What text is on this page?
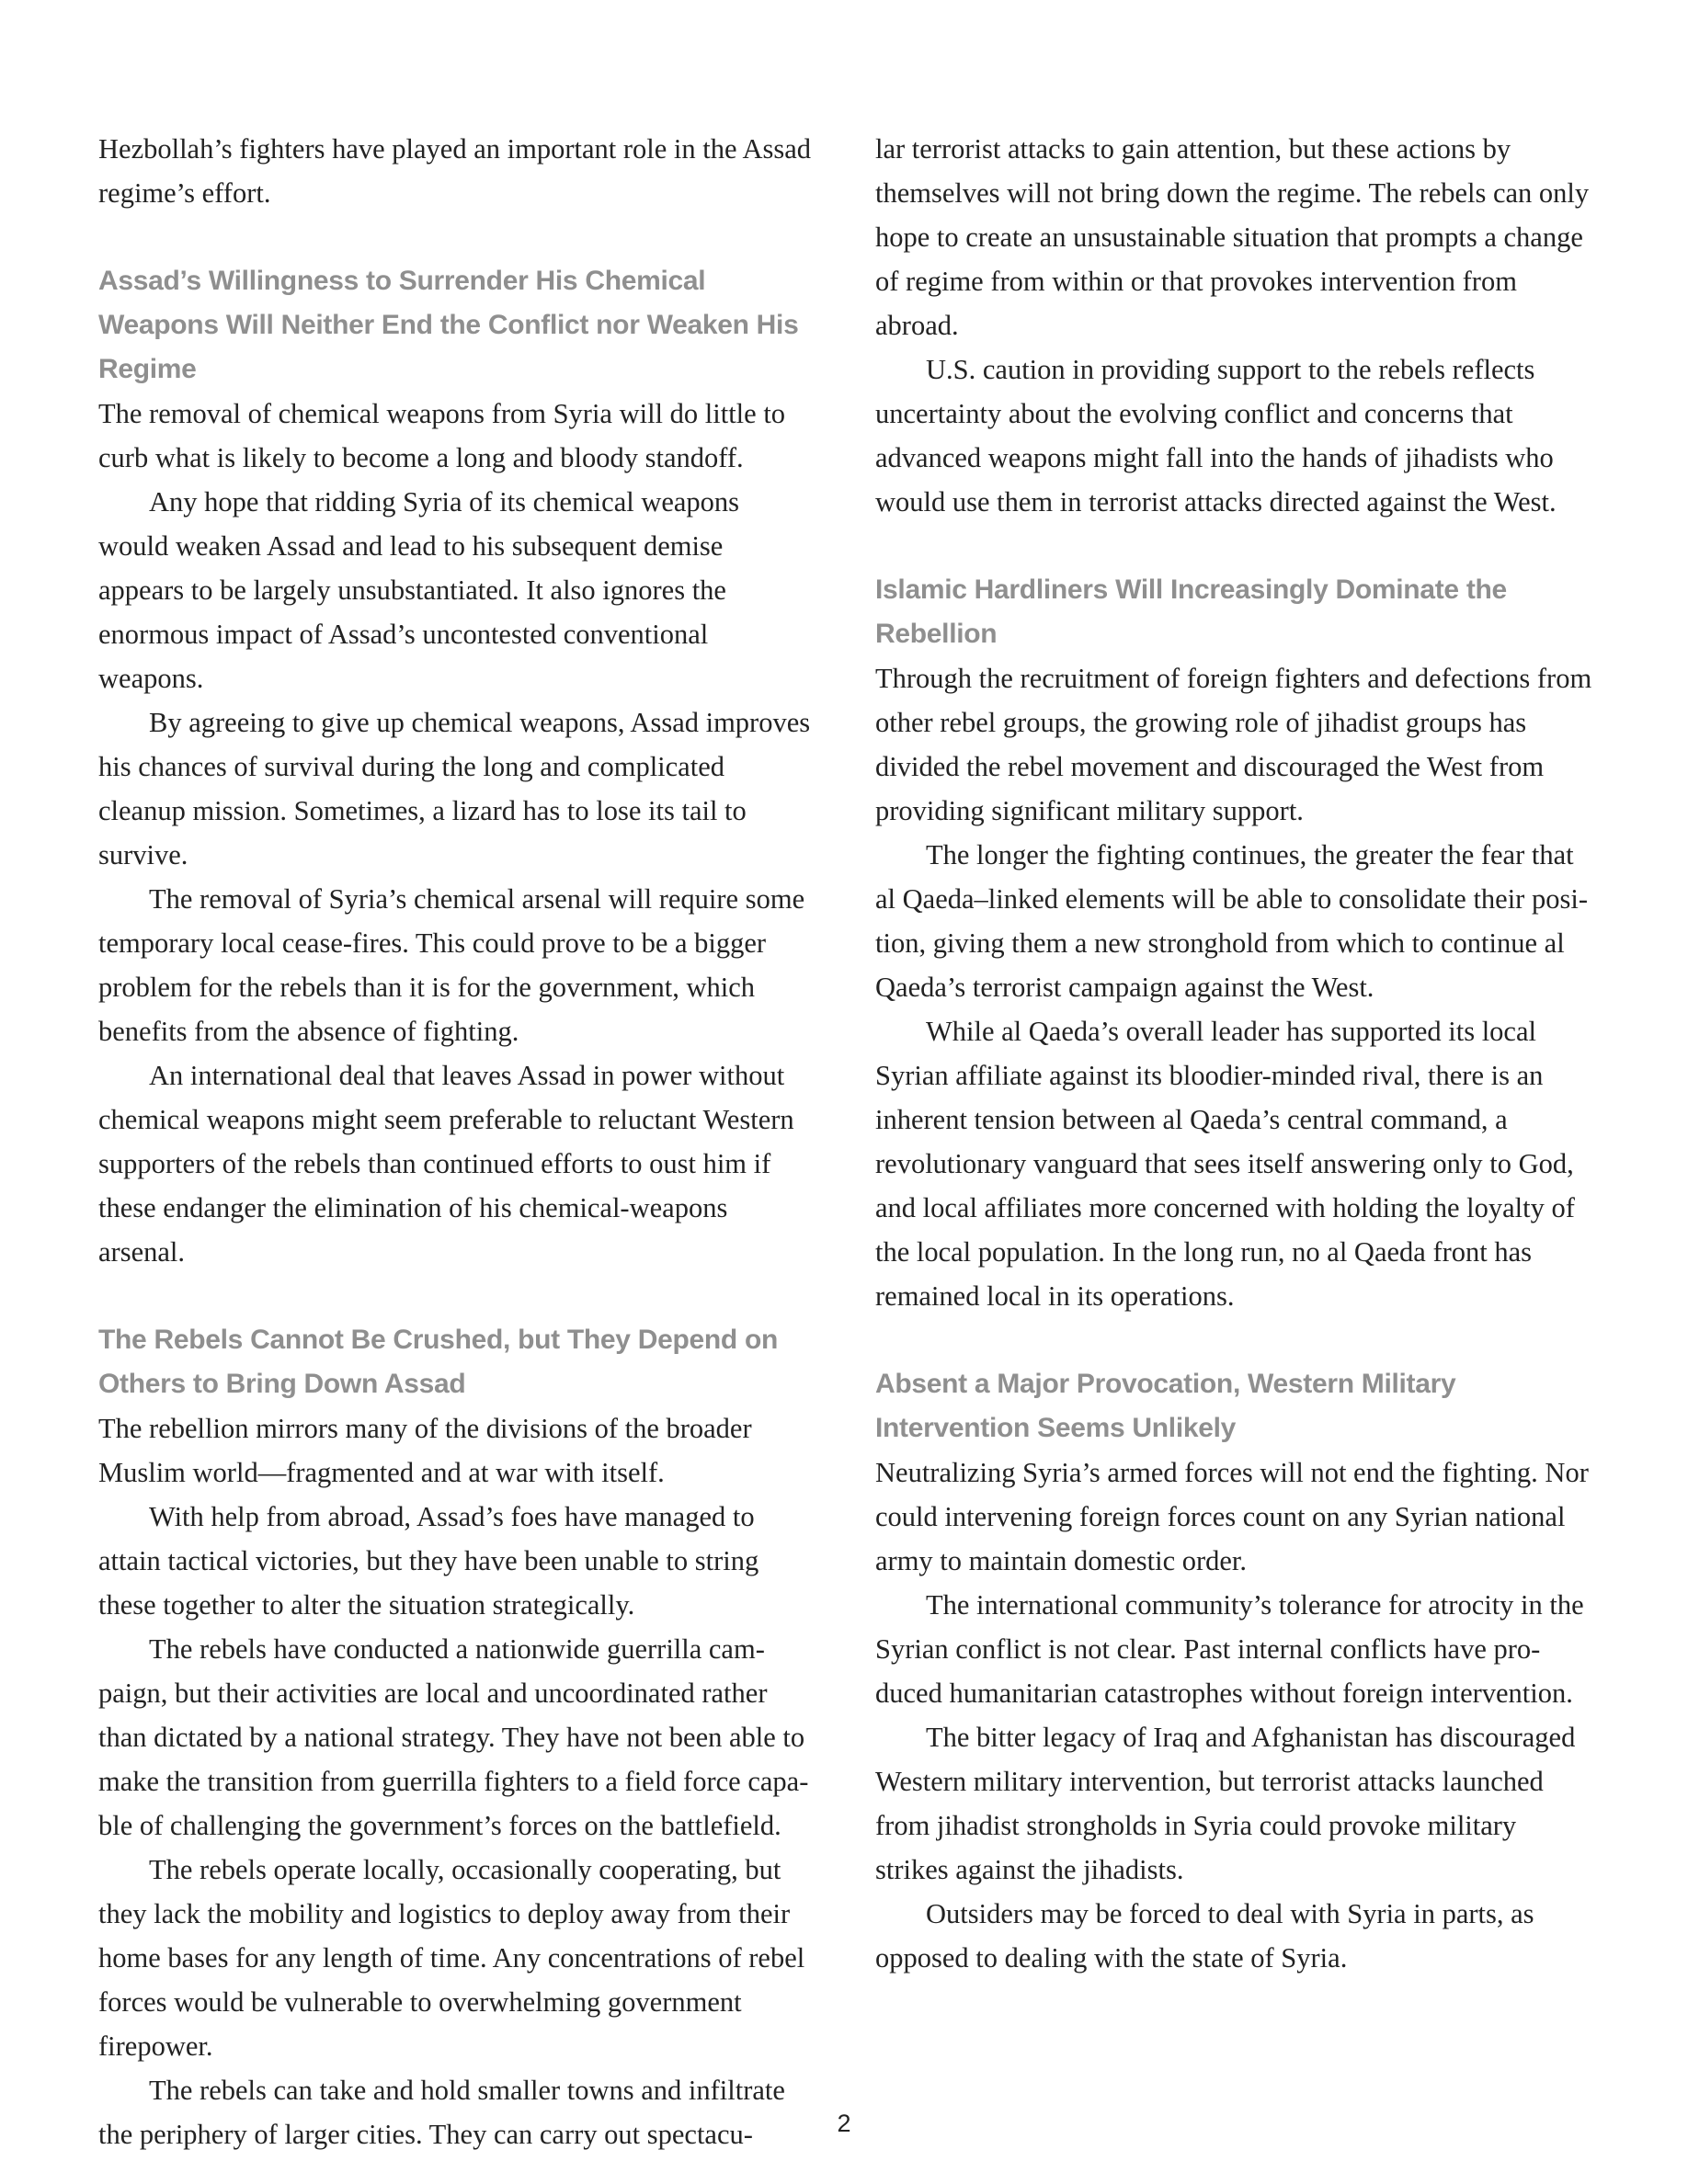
Hezbollah’s fighters have played an important role in the Assad regime’s effort.

Assad’s Willingness to Surrender His Chemical Weapons Will Neither End the Conflict nor Weaken His Regime

The removal of chemical weapons from Syria will do little to curb what is likely to become a long and bloody standoff.

Any hope that ridding Syria of its chemical weapons would weaken Assad and lead to his subsequent demise appears to be largely unsubstantiated. It also ignores the enormous impact of Assad’s uncontested conventional weapons.

By agreeing to give up chemical weapons, Assad improves his chances of survival during the long and complicated cleanup mission. Sometimes, a lizard has to lose its tail to survive.

The removal of Syria’s chemical arsenal will require some temporary local cease-fires. This could prove to be a bigger problem for the rebels than it is for the government, which benefits from the absence of fighting.

An international deal that leaves Assad in power without chemical weapons might seem preferable to reluctant Western supporters of the rebels than continued efforts to oust him if these endanger the elimination of his chemical-weapons arsenal.

The Rebels Cannot Be Crushed, but They Depend on Others to Bring Down Assad

The rebellion mirrors many of the divisions of the broader Muslim world—fragmented and at war with itself.

With help from abroad, Assad’s foes have managed to attain tactical victories, but they have been unable to string these together to alter the situation strategically.

The rebels have conducted a nationwide guerrilla campaign, but their activities are local and uncoordinated rather than dictated by a national strategy. They have not been able to make the transition from guerrilla fighters to a field force capable of challenging the government’s forces on the battlefield.

The rebels operate locally, occasionally cooperating, but they lack the mobility and logistics to deploy away from their home bases for any length of time. Any concentrations of rebel forces would be vulnerable to overwhelming government firepower.

The rebels can take and hold smaller towns and infiltrate the periphery of larger cities. They can carry out spectacu-

lar terrorist attacks to gain attention, but these actions by themselves will not bring down the regime. The rebels can only hope to create an unsustainable situation that prompts a change of regime from within or that provokes intervention from abroad.

U.S. caution in providing support to the rebels reflects uncertainty about the evolving conflict and concerns that advanced weapons might fall into the hands of jihadists who would use them in terrorist attacks directed against the West.

Islamic Hardliners Will Increasingly Dominate the Rebellion

Through the recruitment of foreign fighters and defections from other rebel groups, the growing role of jihadist groups has divided the rebel movement and discouraged the West from providing significant military support.

The longer the fighting continues, the greater the fear that al Qaeda–linked elements will be able to consolidate their position, giving them a new stronghold from which to continue al Qaeda’s terrorist campaign against the West.

While al Qaeda’s overall leader has supported its local Syrian affiliate against its bloodier-minded rival, there is an inherent tension between al Qaeda’s central command, a revolutionary vanguard that sees itself answering only to God, and local affiliates more concerned with holding the loyalty of the local population. In the long run, no al Qaeda front has remained local in its operations.

Absent a Major Provocation, Western Military Intervention Seems Unlikely

Neutralizing Syria’s armed forces will not end the fighting. Nor could intervening foreign forces count on any Syrian national army to maintain domestic order.

The international community’s tolerance for atrocity in the Syrian conflict is not clear. Past internal conflicts have produced humanitarian catastrophes without foreign intervention.

The bitter legacy of Iraq and Afghanistan has discouraged Western military intervention, but terrorist attacks launched from jihadist strongholds in Syria could provoke military strikes against the jihadists.

Outsiders may be forced to deal with Syria in parts, as opposed to dealing with the state of Syria.

2
